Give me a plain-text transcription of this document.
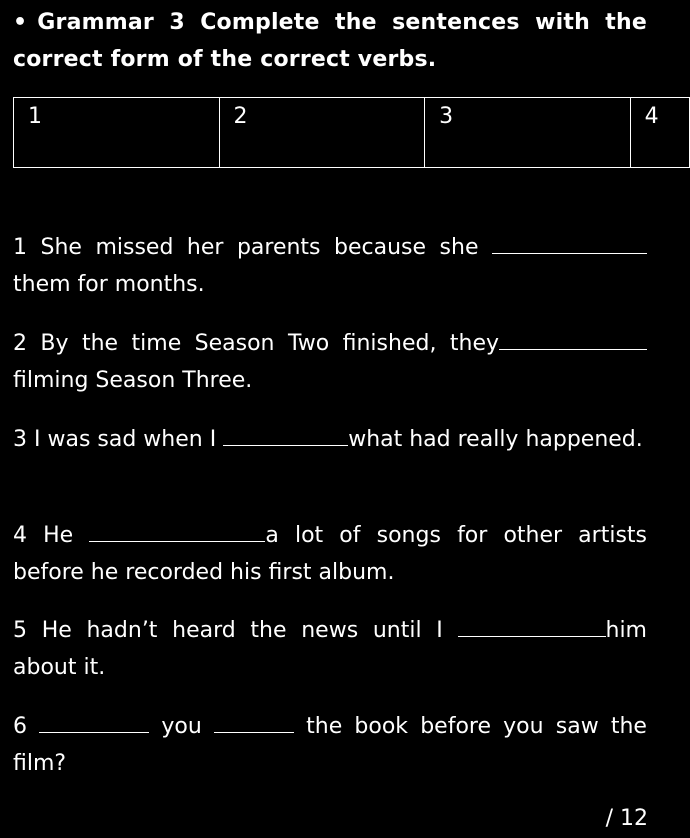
• Grammar 3 Complete the sentences with the correct form of the correct verbs.
1	2	3	4
1 She missed her parents because she them for months.
2 By the time Season Two finished, they filming Season Three.
3 I was sad when I	what had really happened.
4 He	a lot of songs for other artists before he recorded his first album.
5 He hadn’t heard the news until I	him about it.
6	you	the book before you saw the film?
/ 12
